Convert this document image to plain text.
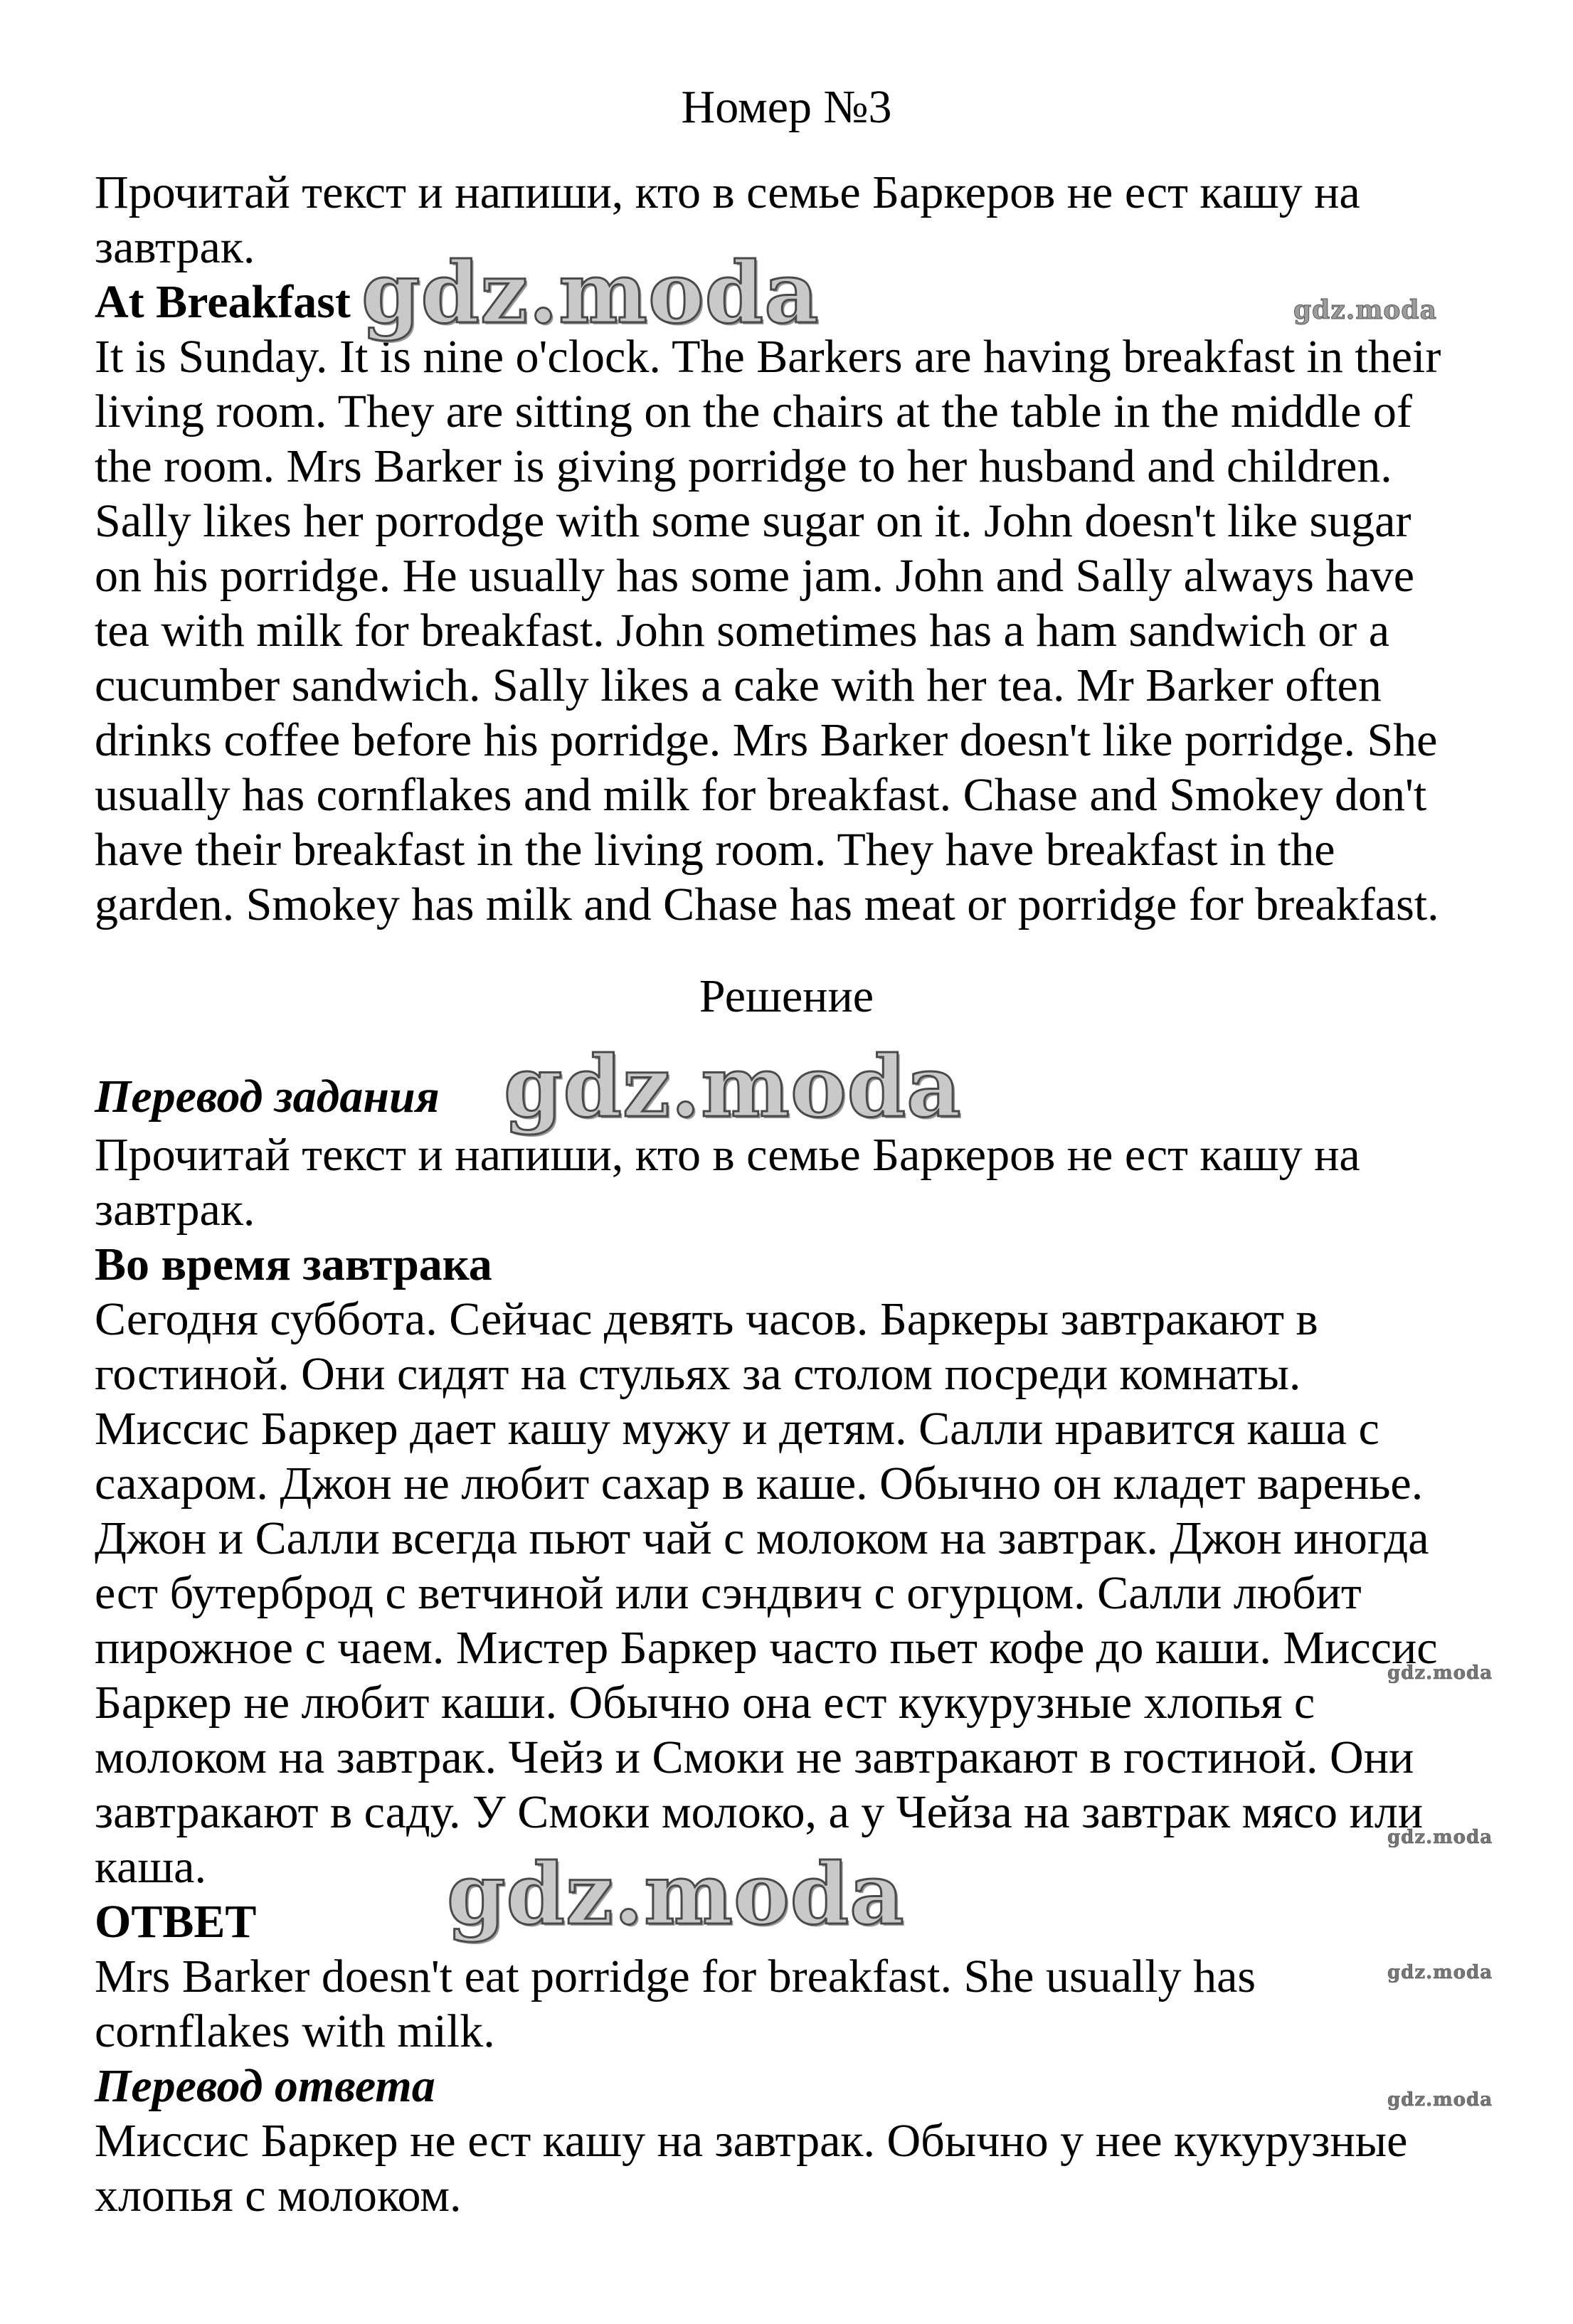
Номер №3

Прочитай текст и напиши, кто в семье Баркеров не ест кашу на

завтрак.

At Breakfast

It is Sunday. It is nine o'clock. The Barkers are having breakfast in their

living room. They are sitting on the chairs at the table in the middle of

the room. Mrs Barker is giving porridge to her husband and children.

Sally likes her porrodge with some sugar on it. John doesn't like sugar

on his porridge. He usually has some jam. John and Sally always have

tea with milk for breakfast. John sometimes has a ham sandwich or a

cucumber sandwich. Sally likes a cake with her tea. Mr Barker often

drinks coffee before his porridge. Mrs Barker doesn't like porridge. She

usually has cornflakes and milk for breakfast. Chase and Smokey don't

have their breakfast in the living room. They have breakfast in the

garden. Smokey has milk and Chase has meat or porridge for breakfast.

Решение

Перевод задания

Прочитай текст и напиши, кто в семье Баркеров не ест кашу на

завтрак.

Во время завтрака

Сегодня суббота. Сейчас девять часов. Баркеры завтракают в

гостиной. Они сидят на стульях за столом посреди комнаты.

Миссис Баркер дает кашу мужу и детям. Салли нравится каша с

сахаром. Джон не любит сахар в каше. Обычно он кладет варенье.

Джон и Салли всегда пьют чай с молоком на завтрак. Джон иногда

ест бутерброд с ветчиной или сэндвич с огурцом. Салли любит

пирожное с чаем. Мистер Баркер часто пьет кофе до каши. Миссис

Баркер не любит каши. Обычно она ест кукурузные хлопья с

молоком на завтрак. Чейз и Смоки не завтракают в гостиной. Они

завтракают в саду. У Смоки молоко, а у Чейза на завтрак мясо или

каша.

ОТВЕТ

Mrs Barker doesn't eat porridge for breakfast. She usually has

cornflakes with milk.

Перевод ответа

Миссис Баркер не ест кашу на завтрак. Обычно у нее кукурузные

хлопья с молоком.

gdz.moda	gdz.moda
gdz.moda
gdz.moda
gdz.moda
gdz.moda
gdz.moda
gdz.moda
